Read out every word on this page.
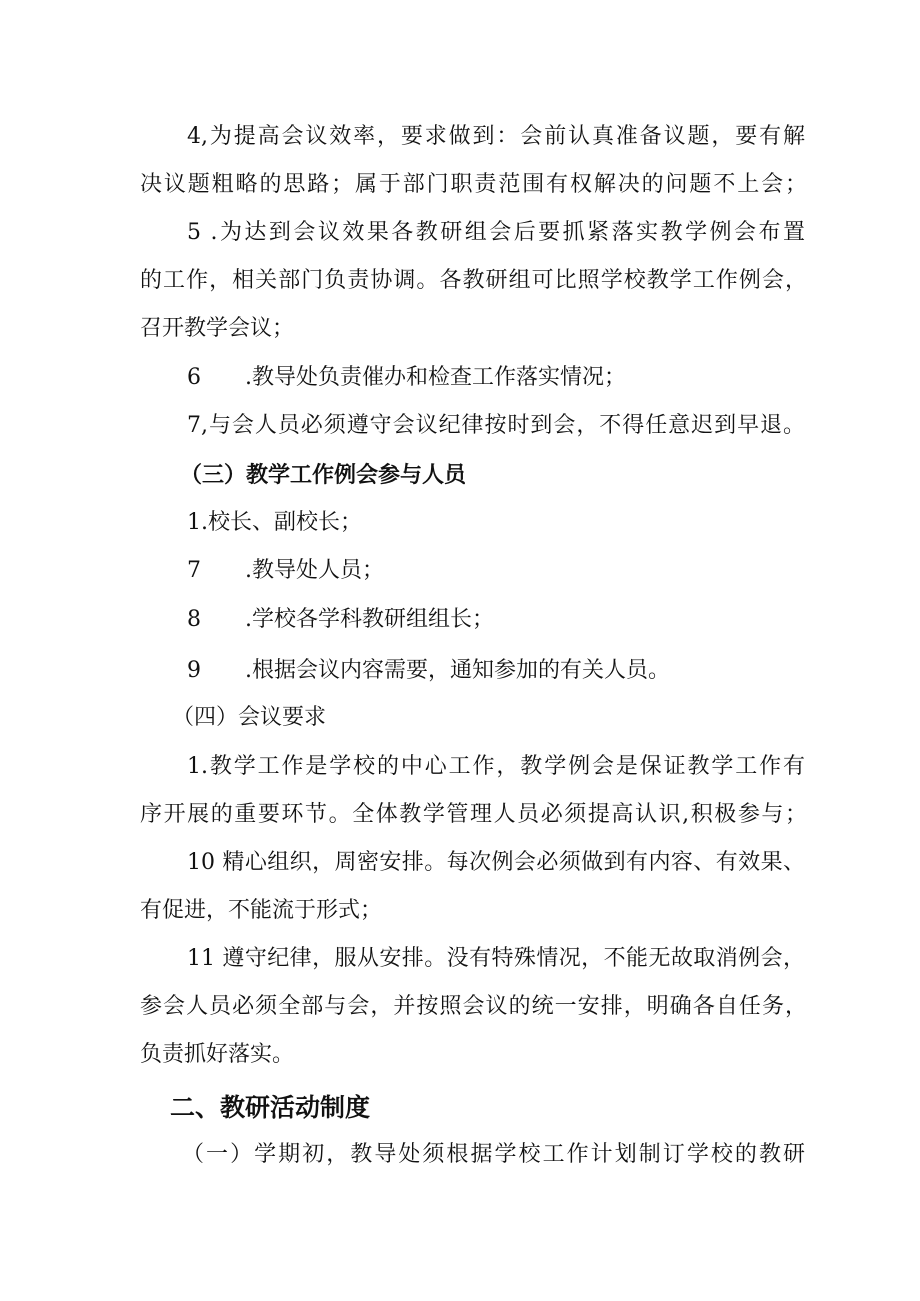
4,为提高会议效率，要求做到：会前认真准备议题，要有解
决议题粗略的思路；属于部门职责范围有权解决的问题不上会；
5 .为达到会议效果各教研组会后要抓紧落实教学例会布置
的工作，相关部门负责协调。各教研组可比照学校教学工作例会，
召开教学会议；
6　　.教导处负责催办和检查工作落实情况；
7,与会人员必须遵守会议纪律按时到会，不得任意迟到早退。
（三）教学工作例会参与人员
1.校长、副校长；
7　　.教导处人员；
8　　.学校各学科教研组组长；
9　　.根据会议内容需要，通知参加的有关人员。
（四）会议要求
1.教学工作是学校的中心工作，教学例会是保证教学工作有
序开展的重要环节。全体教学管理人员必须提高认识,积极参与；
10 精心组织，周密安排。每次例会必须做到有内容、有效果、
有促进，不能流于形式；
11 遵守纪律，服从安排。没有特殊情况，不能无故取消例会，
参会人员必须全部与会，并按照会议的统一安排，明确各自任务，
负责抓好落实。
二、教研活动制度
（一）学期初，教导处须根据学校工作计划制订学校的教研
